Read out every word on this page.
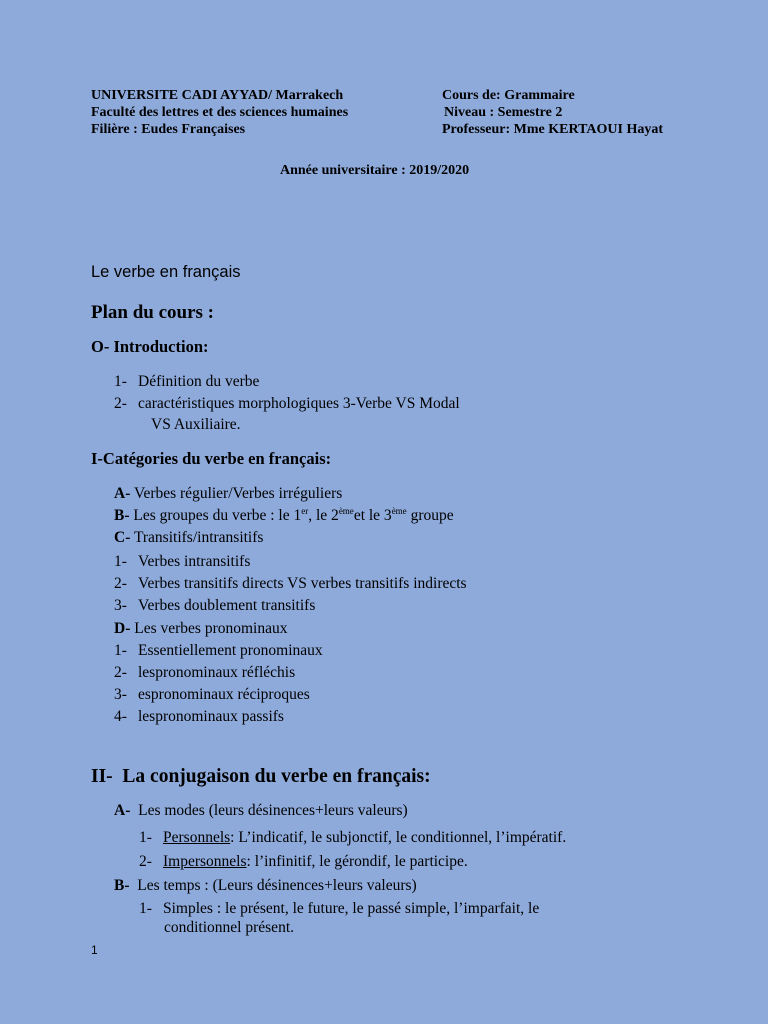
UNIVERSITE CADI AYYAD/ Marrakech
Faculté des lettres et des sciences humaines
Filière : Eudes Françaises
Cours de: Grammaire
Niveau : Semestre 2
Professeur: Mme KERTAOUI Hayat
Année universitaire : 2019/2020
Le verbe en français
Plan du cours :
O- Introduction:
1- Définition du verbe
2- caractéristiques morphologiques 3-Verbe VS Modal
VS Auxiliaire.
I-Catégories du verbe en français:
A- Verbes régulier/Verbes irréguliers
B- Les groupes du verbe : le 1er, le 2èmeet le 3ème groupe
C- Transitifs/intransitifs
1- Verbes intransitifs
2- Verbes transitifs directs VS verbes transitifs indirects
3- Verbes doublement transitifs
D- Les verbes pronominaux
1- Essentiellement pronominaux
2- lespronominaux réfléchis
3- espronominaux réciproques
4- lespronominaux passifs
II- La conjugaison du verbe en français:
A- Les modes (leurs désinences+leurs valeurs)
1- Personnels: L’indicatif, le subjonctif, le conditionnel, l’impératif.
2- Impersonnels: l’infinitif, le gérondif, le participe.
B- Les temps : (Leurs désinences+leurs valeurs)
1- Simples : le présent, le future, le passé simple, l’imparfait, le
conditionnel présent.
1
